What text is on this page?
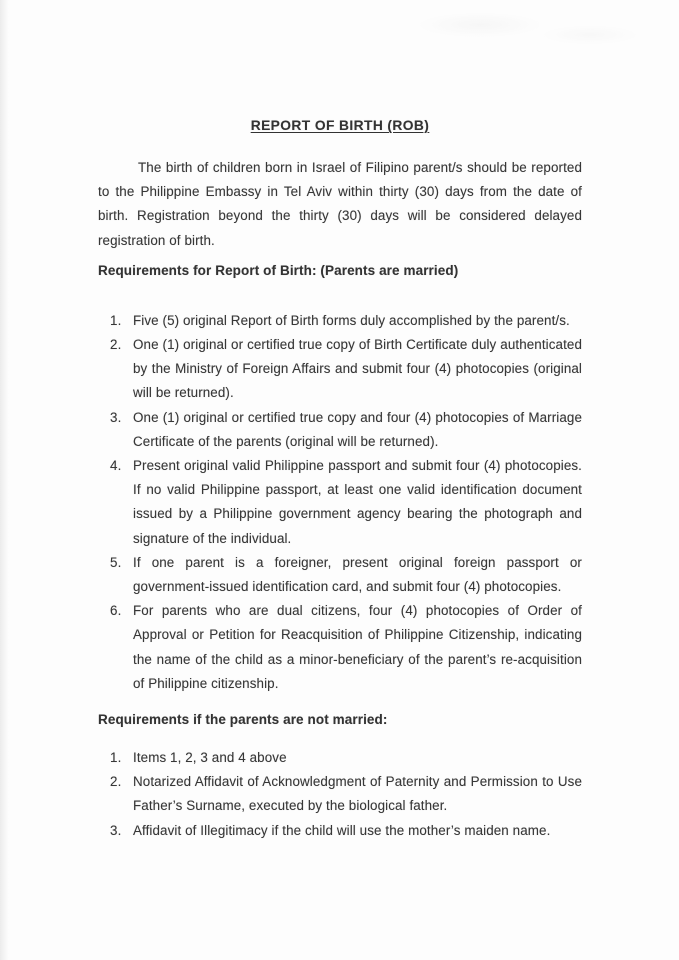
REPORT OF BIRTH (ROB)

The birth of children born in Israel of Filipino parent/s should be reported to the Philippine Embassy in Tel Aviv within thirty (30) days from the date of birth. Registration beyond the thirty (30) days will be considered delayed registration of birth.

Requirements for Report of Birth: (Parents are married)
Five (5) original Report of Birth forms duly accomplished by the parent/s.
One (1) original or certified true copy of Birth Certificate duly authenticated by the Ministry of Foreign Affairs and submit four (4) photocopies (original will be returned).
One (1) original or certified true copy and four (4) photocopies of Marriage Certificate of the parents (original will be returned).
Present original valid Philippine passport and submit four (4) photocopies. If no valid Philippine passport, at least one valid identification document issued by a Philippine government agency bearing the photograph and signature of the individual.
If one parent is a foreigner, present original foreign passport or government-issued identification card, and submit four (4) photocopies.
For parents who are dual citizens, four (4) photocopies of Order of Approval or Petition for Reacquisition of Philippine Citizenship, indicating the name of the child as a minor-beneficiary of the parent’s re-acquisition of Philippine citizenship.
Requirements if the parents are not married:
Items 1, 2, 3 and 4 above
Notarized Affidavit of Acknowledgment of Paternity and Permission to Use Father’s Surname, executed by the biological father.
Affidavit of Illegitimacy if the child will use the mother’s maiden name.
